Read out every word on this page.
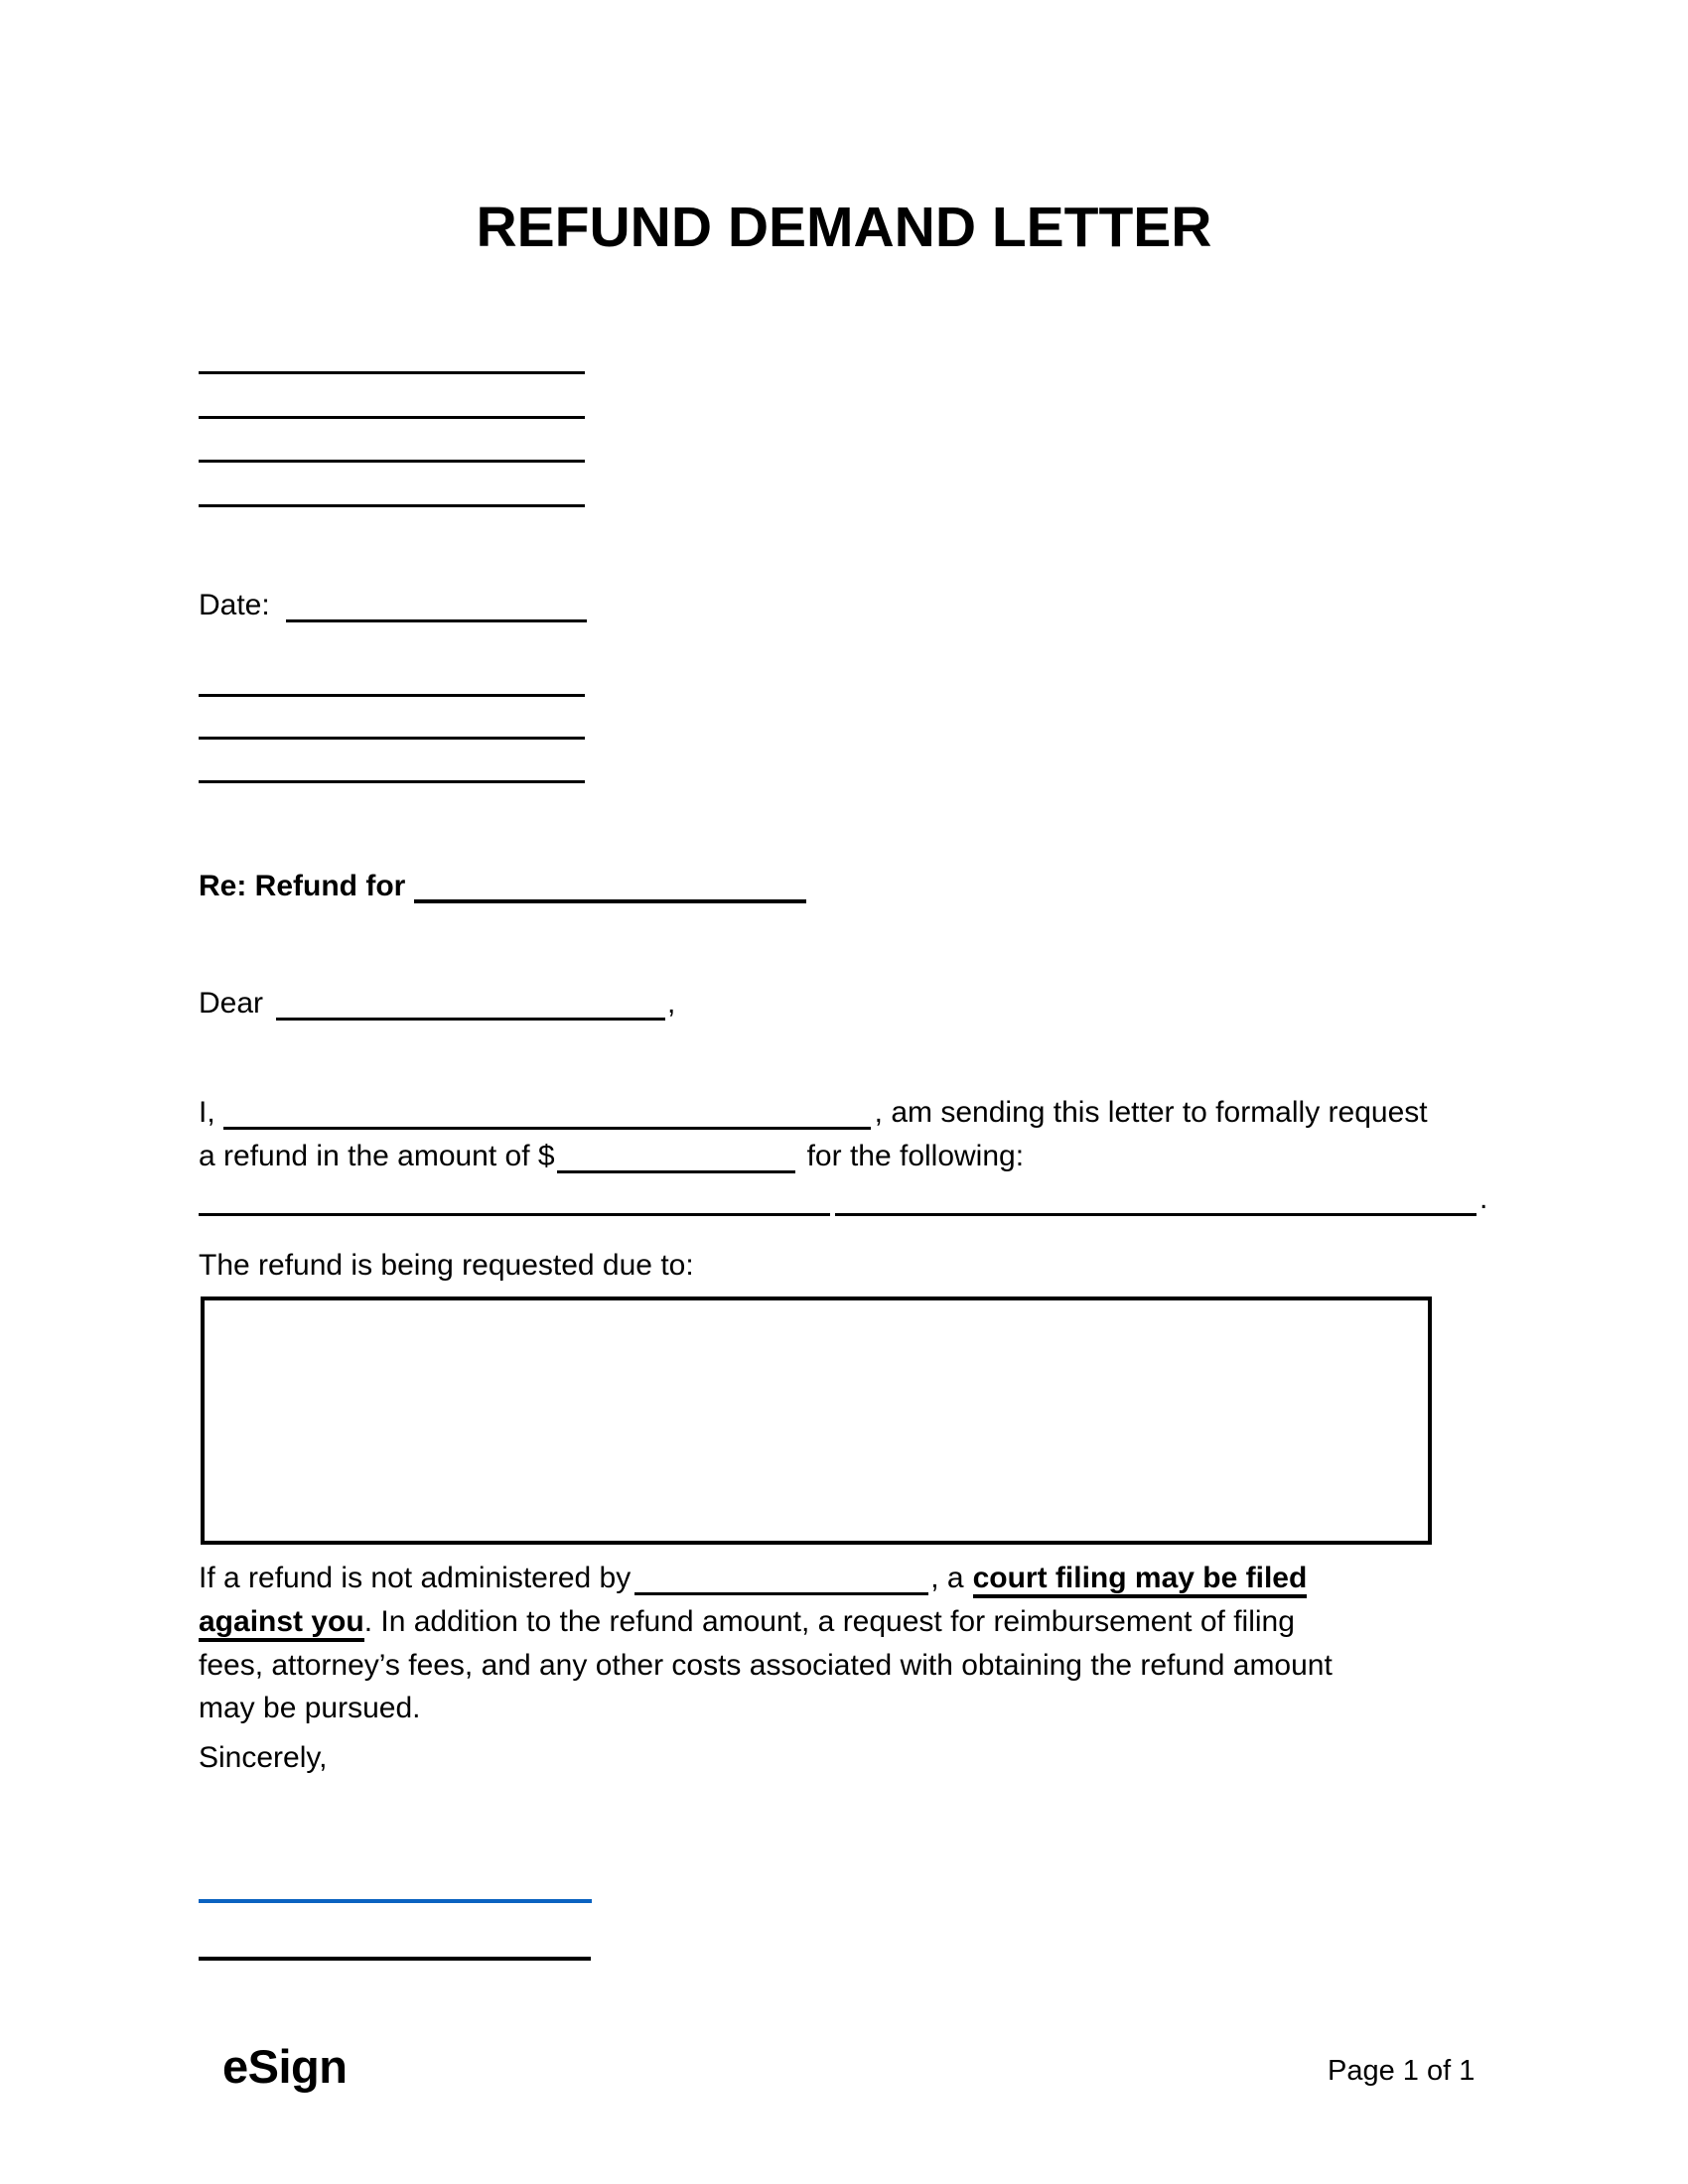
REFUND DEMAND LETTER
Date:
Re: Refund for
Dear	,
I,	, am sending this letter to formally request
a refund in the amount of $	for the following:
.
The refund is being requested due to:
If a refund is not administered by	, a court filing may be filed
against you. In addition to the refund amount, a request for reimbursement of filing
fees, attorney’s fees, and any other costs associated with obtaining the refund amount
may be pursued.
Sincerely,
eSign	Page 1 of 1
